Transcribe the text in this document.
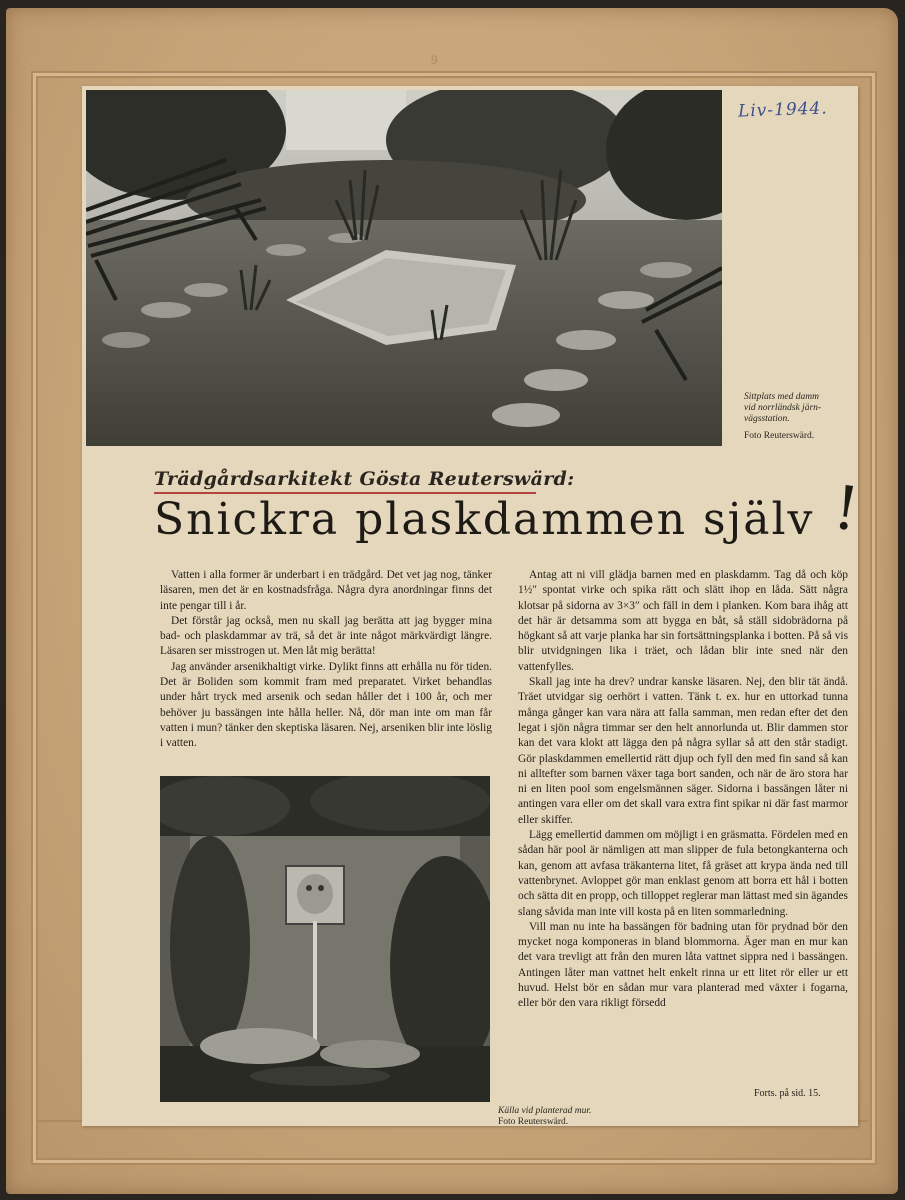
9
Liv-1944.
Sittplats med damm
vid norrländsk järn-
vägsstation.
Foto Reuterswärd.
Trädgårdsarkitekt Gösta Reuterswärd:
Snickra plaskdammen själv !

Vatten i alla former är underbart i en trädgård. Det vet jag nog, tänker läsaren, men det är en kostnadsfråga. Några dyra anordningar finns det inte pengar till i år.

Det förstår jag också, men nu skall jag berätta att jag bygger mina bad- och plaskdammar av trä, så det är inte något märkvärdigt längre. Läsaren ser misstrogen ut. Men låt mig berätta!

Jag använder arsenikhaltigt virke. Dylikt finns att erhålla nu för tiden. Det är Boliden som kommit fram med preparatet. Virket behandlas under hårt tryck med arsenik och sedan håller det i 100 år, och mer behöver ju bassängen inte hålla heller. Nå, dör man inte om man får vatten i mun? tänker den skeptiska läsaren. Nej, arseniken blir inte löslig i vatten.

Antag att ni vill glädja barnen med en plaskdamm. Tag då och köp 1½″ spontat virke och spika rätt och slätt ihop en låda. Sätt några klotsar på sidorna av 3×3″ och fäll in dem i planken. Kom bara ihåg att det här är detsamma som att bygga en båt, så ställ sidobrädorna på högkant så att varje planka har sin fortsättningsplanka i botten. På så vis blir utvidgningen lika i träet, och lådan blir inte sned när den vattenfylles.

Skall jag inte ha drev? undrar kanske läsaren. Nej, den blir tät ändå. Träet utvidgar sig oerhört i vatten. Tänk t. ex. hur en uttorkad tunna många gånger kan vara nära att falla samman, men redan efter det den legat i sjön några timmar ser den helt annorlunda ut. Blir dammen stor kan det vara klokt att lägga den på några syllar så att den står stadigt. Gör plaskdammen emellertid rätt djup och fyll den med fin sand så kan ni alltefter som barnen växer taga bort sanden, och när de äro stora har ni en liten pool som engelsmännen säger. Sidorna i bassängen låter ni antingen vara eller om det skall vara extra fint spikar ni där fast marmor eller skiffer.

Lägg emellertid dammen om möjligt i en gräsmatta. Fördelen med en sådan här pool är nämligen att man slipper de fula betongkanterna och kan, genom att avfasa träkanterna litet, få gräset att krypa ända ned till vattenbrynet. Avloppet gör man enklast genom att borra ett hål i botten och sätta dit en propp, och tilloppet reglerar man lättast med sin ägandes slang såvida man inte vill kosta på en liten sommarledning.

Vill man nu inte ha bassängen för badning utan för prydnad bör den mycket noga komponeras in bland blommorna. Äger man en mur kan det vara trevligt att från den muren låta vattnet sippra ned i bassängen. Antingen låter man vattnet helt enkelt rinna ur ett litet rör eller ur ett huvud. Helst bör en sådan mur vara planterad med växter i fogarna, eller bör den vara rikligt försedd

Forts. på sid. 15.
Källa vid planterad mur.
Foto Reuterswärd.
